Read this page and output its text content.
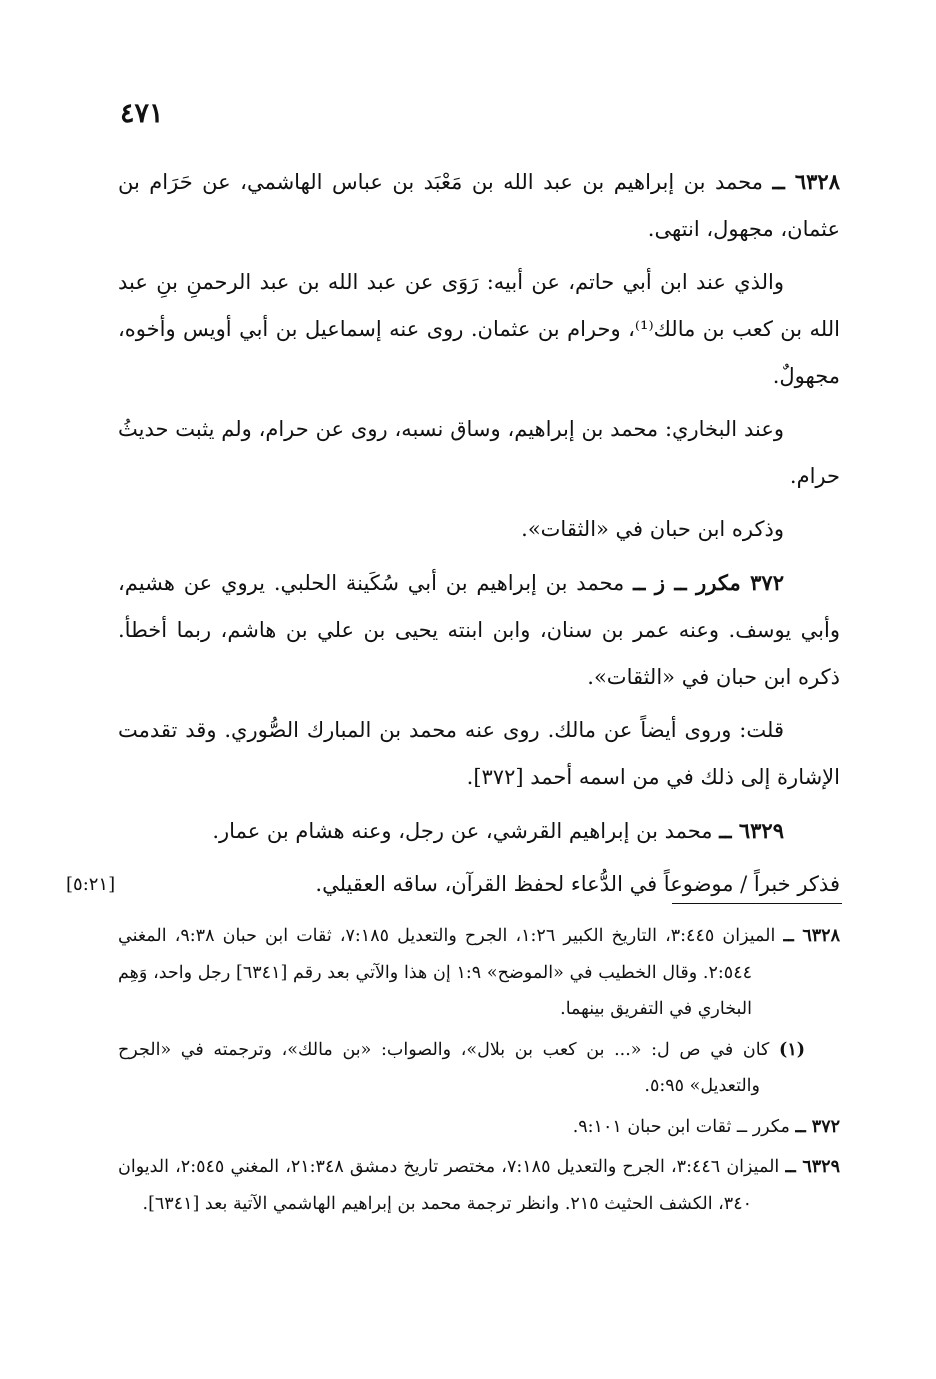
٤٧١

٦٣٢٨ ــ محمد بن إبراهيم بن عبد الله بن مَعْبَد بن عباس الهاشمي، عن حَرَام بن عثمان، مجهول، انتهى.

والذي عند ابن أبي حاتم، عن أبيه: رَوَى عن عبد الله بن عبد الرحمنِ بنِ عبد الله بن كعب بن مالك⁽¹⁾، وحرام بن عثمان. روى عنه إسماعيل بن أبي أويس وأخوه، مجهولٌ.

وعند البخاري: محمد بن إبراهيم، وساق نسبه، روى عن حرام، ولم يثبت حديثُ حرام.

وذكره ابن حبان في «الثقات».

٣٧٢ مكرر ــ ز ــ محمد بن إبراهيم بن أبي سُكَينة الحلبي. يروي عن هشيم، وأبي يوسف. وعنه عمر بن سنان، وابن ابنته يحيى بن علي بن هاشم، ربما أخطأ. ذكره ابن حبان في «الثقات».

قلت: وروى أيضاً عن مالك. روى عنه محمد بن المبارك الصُّوري. وقد تقدمت الإشارة إلى ذلك في من اسمه أحمد [٣٧٢].

٦٣٢٩ ــ محمد بن إبراهيم القرشي، عن رجل، وعنه هشام بن عمار.

فذكر خبراً / موضوعاً في الدُّعاء لحفظ القرآن، ساقه العقيلي.
[٥:٢١]

٦٣٢٨ ــ الميزان ٣:٤٤٥، التاريخ الكبير ١:٢٦، الجرح والتعديل ٧:١٨٥، ثقات ابن حبان ٩:٣٨، المغني ٢:٥٤٤. وقال الخطيب في «الموضح» ١:٩ إن هذا والآتي بعد رقم [٦٣٤١] رجل واحد، وَهِم البخاري في التفريق بينهما.

(١) كان في ص ل: «... بن كعب بن بلال»، والصواب: «بن مالك»، وترجمته في «الجرح والتعديل» ٥:٩٥.

٣٧٢ ــ مكرر ــ ثقات ابن حبان ٩:١٠١.

٦٣٢٩ ــ الميزان ٣:٤٤٦، الجرح والتعديل ٧:١٨٥، مختصر تاريخ دمشق ٢١:٣٤٨، المغني ٢:٥٤٥، الديوان ٣٤٠، الكشف الحثيث ٢١٥. وانظر ترجمة محمد بن إبراهيم الهاشمي الآتية بعد [٦٣٤١].
